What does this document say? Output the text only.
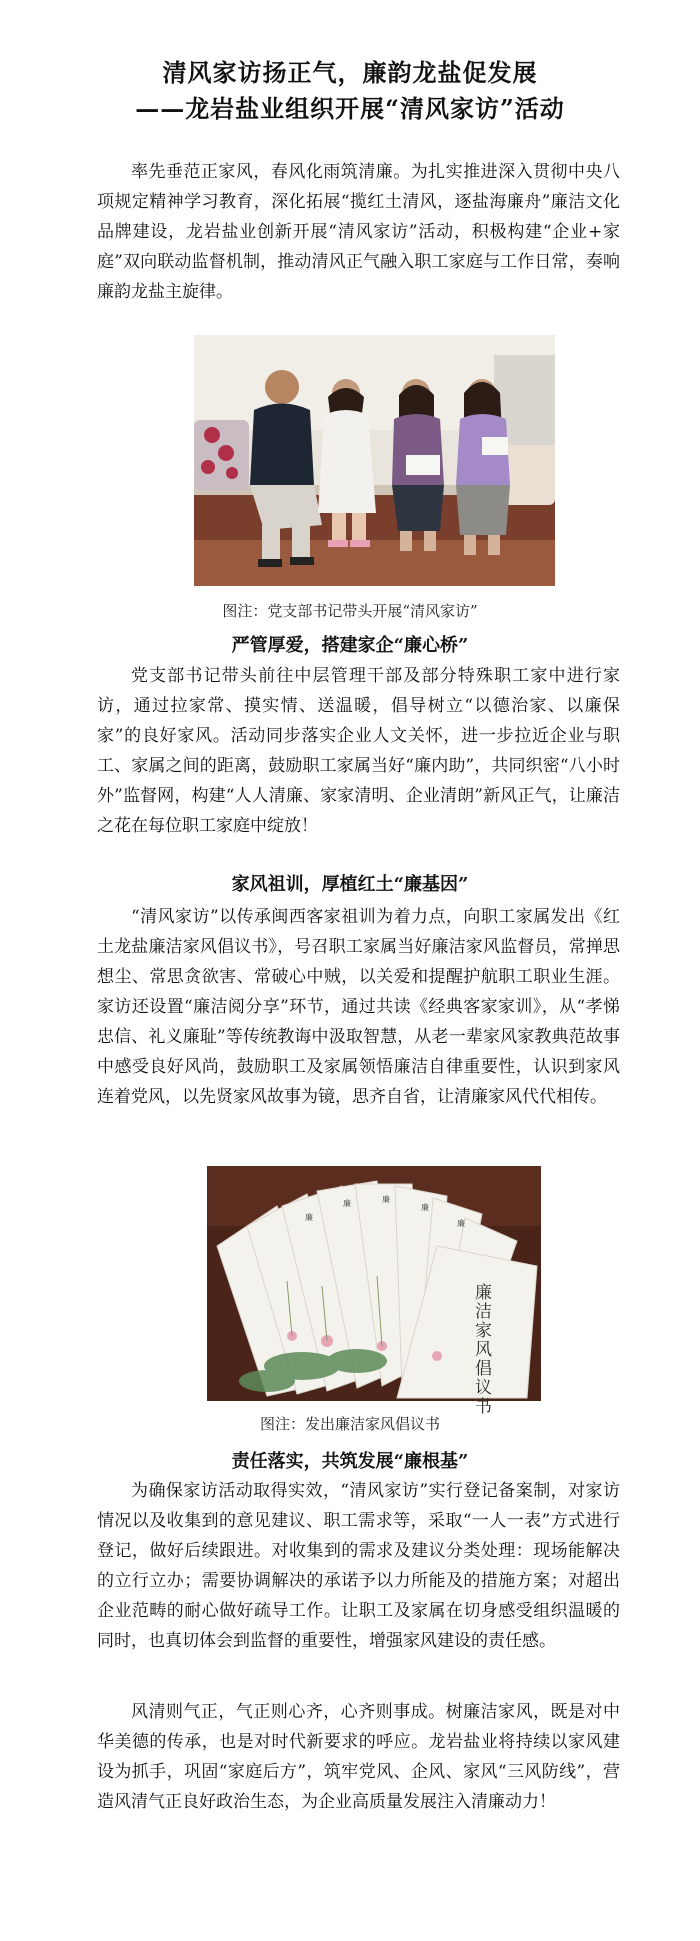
清风家访扬正气，廉韵龙盐促发展
——龙岩盐业组织开展“清风家访”活动

率先垂范正家风，春风化雨筑清廉。为扎实推进深入贯彻中央八项规定精神学习教育，深化拓展“揽红土清风，逐盐海廉舟”廉洁文化品牌建设，龙岩盐业创新开展“清风家访”活动，积极构建“企业+家庭”双向联动监督机制，推动清风正气融入职工家庭与工作日常，奏响廉韵龙盐主旋律。

图注：党支部书记带头开展“清风家访”
严管厚爱，搭建家企“廉心桥”

党支部书记带头前往中层管理干部及部分特殊职工家中进行家访，通过拉家常、摸实情、送温暖，倡导树立“以德治家、以廉保家”的良好家风。活动同步落实企业人文关怀，进一步拉近企业与职工、家属之间的距离，鼓励职工家属当好“廉内助”，共同织密“八小时外”监督网，构建“人人清廉、家家清明、企业清朗”新风正气，让廉洁之花在每位职工家庭中绽放！

家风祖训，厚植红土“廉基因”

“清风家访”以传承闽西客家祖训为着力点，向职工家属发出《红土龙盐廉洁家风倡议书》，号召职工家属当好廉洁家风监督员，常掸思想尘、常思贪欲害、常破心中贼，以关爱和提醒护航职工职业生涯。家访还设置“廉洁阅分享”环节，通过共读《经典客家家训》，从“孝悌忠信、礼义廉耻”等传统教诲中汲取智慧，从老一辈家风家教典范故事中感受良好风尚，鼓励职工及家属领悟廉洁自律重要性，认识到家风连着党风，以先贤家风故事为镜，思齐自省，让清廉家风代代相传。

廉
廉	廉
廉
廉
廉洁家风倡议书
图注：发出廉洁家风倡议书
责任落实，共筑发展“廉根基”

为确保家访活动取得实效，“清风家访”实行登记备案制，对家访情况以及收集到的意见建议、职工需求等，采取“一人一表”方式进行登记，做好后续跟进。对收集到的需求及建议分类处理：现场能解决的立行立办；需要协调解决的承诺予以力所能及的措施方案；对超出企业范畴的耐心做好疏导工作。让职工及家属在切身感受组织温暖的同时，也真切体会到监督的重要性，增强家风建设的责任感。

风清则气正，气正则心齐，心齐则事成。树廉洁家风，既是对中华美德的传承，也是对时代新要求的呼应。龙岩盐业将持续以家风建设为抓手，巩固“家庭后方”，筑牢党风、企风、家风“三风防线”，营造风清气正良好政治生态，为企业高质量发展注入清廉动力！
